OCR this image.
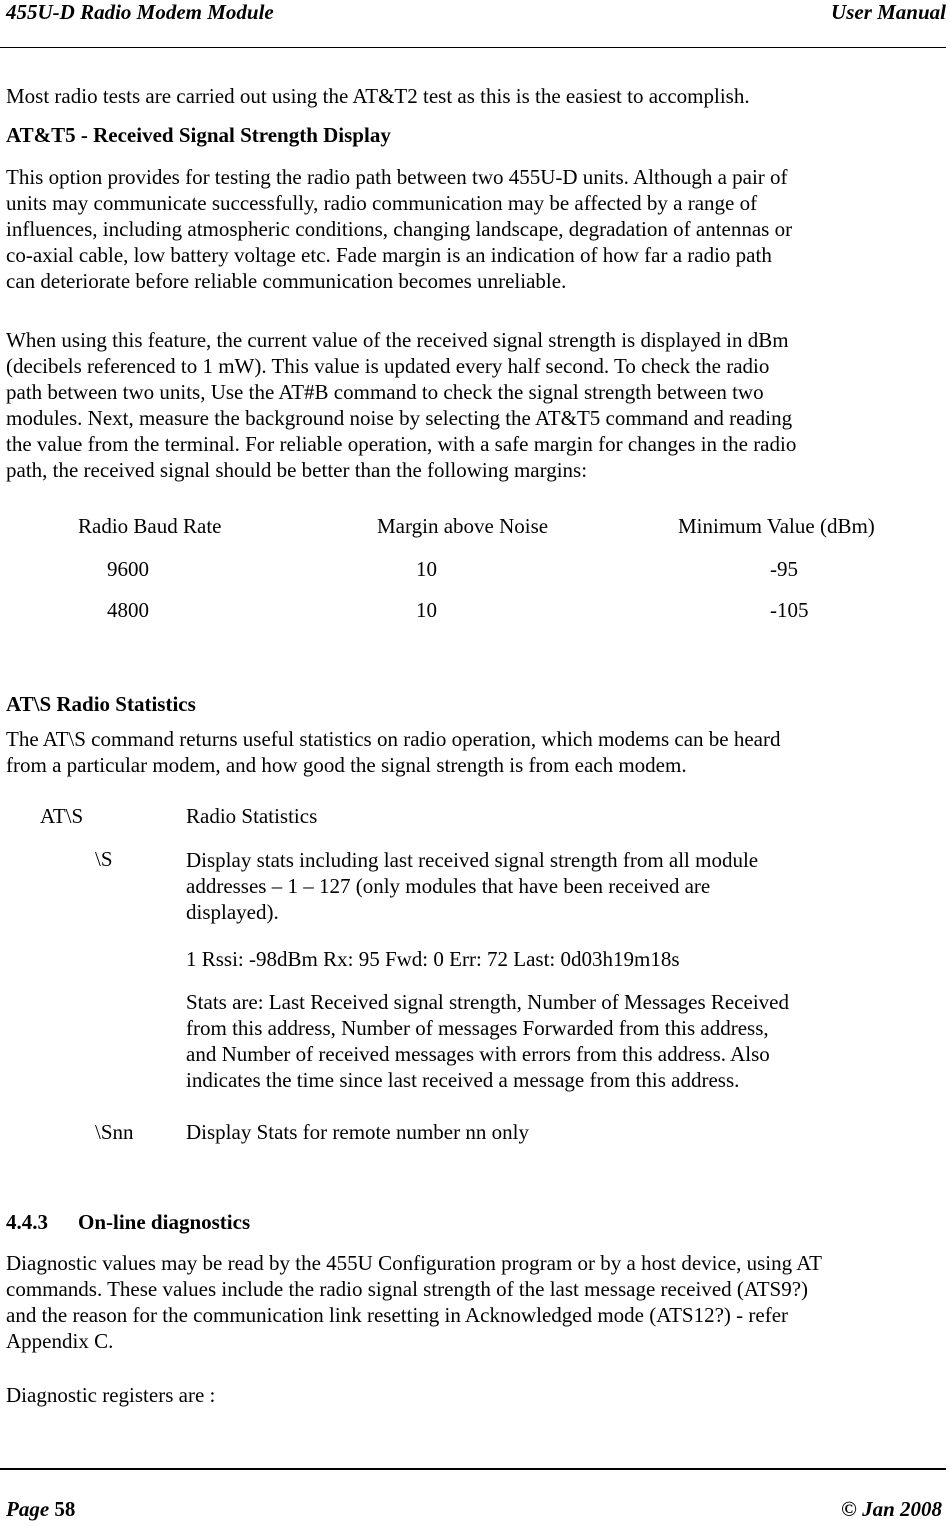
455U-D Radio Modem Module	User Manual
Most radio tests are carried out using the AT&T2 test as this is the easiest to accomplish.
AT&T5 - Received Signal Strength Display
This option provides for testing the radio path between two 455U-D units. Although a pair of
units may communicate successfully, radio communication may be affected by a range of
influences, including atmospheric conditions, changing landscape, degradation of antennas or
co-axial cable, low battery voltage etc. Fade margin is an indication of how far a radio path
can deteriorate before reliable communication becomes unreliable.
When using this feature, the current value of the received signal strength is displayed in dBm
(decibels referenced to 1 mW). This value is updated every half second. To check the radio
path between two units, Use the AT#B command to check the signal strength between two
modules. Next, measure the background noise by selecting the AT&T5 command and reading
the value from the terminal. For reliable operation, with a safe margin for changes in the radio
path, the received signal should be better than the following margins:
Radio Baud Rate	Margin above Noise	Minimum Value (dBm)
9600	10	-95
4800	10	-105
AT\S Radio Statistics
The AT\S command returns useful statistics on radio operation, which modems can be heard
from a particular modem, and how good the signal strength is from each modem.
AT\S	Radio Statistics
\S	Display stats including last received signal strength from all module
addresses – 1 – 127 (only modules that have been received are
displayed).
1 Rssi: -98dBm Rx: 95 Fwd: 0 Err: 72 Last: 0d03h19m18s
Stats are: Last Received signal strength, Number of Messages Received
from this address, Number of messages Forwarded from this address,
and Number of received messages with errors from this address. Also
indicates the time since last received a message from this address.
\Snn Display Stats for remote number nn only
4.4.3 On-line diagnostics
Diagnostic values may be read by the 455U Configuration program or by a host device, using AT
commands. These values include the radio signal strength of the last message received (ATS9?)
and the reason for the communication link resetting in Acknowledged mode (ATS12?) - refer
Appendix C.
Diagnostic registers are :
Page 58	© Jan 2008
